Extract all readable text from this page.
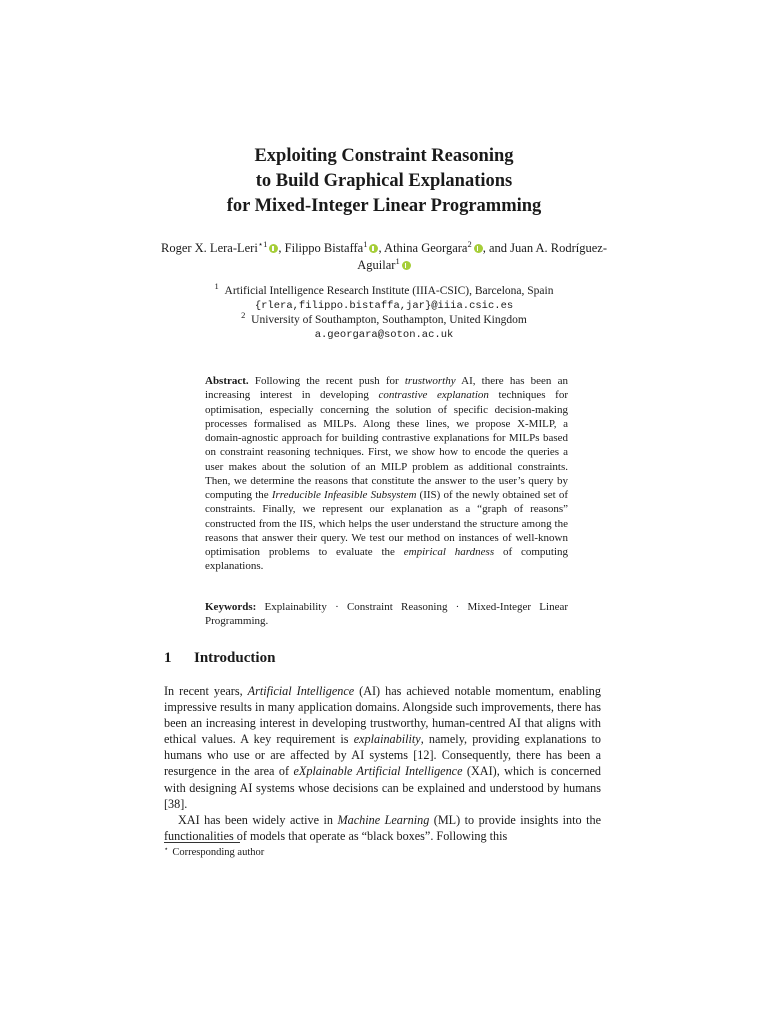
Exploiting Constraint Reasoning
to Build Graphical Explanations
for Mixed-Integer Linear Programming
Roger X. Lera-Leri$^{⋆1}$ , Filippo Bistaffa$^1$ , Athina Georgara$^2$ , and Juan A. Rodríguez-Aguilar$^1$
$^1$ Artificial Intelligence Research Institute (IIIA-CSIC), Barcelona, Spain
{rlera,filippo.bistaffa,jar}@iiia.csic.es
$^2$ University of Southampton, Southampton, United Kingdom
a.georgara@soton.ac.uk
Abstract. Following the recent push for trustworthy AI, there has been an increasing interest in developing contrastive explanation techniques for optimisation, especially concerning the solution of specific decision-making processes formalised as MILPs. Along these lines, we propose X-MILP, a domain-agnostic approach for building contrastive explanations for MILPs based on constraint reasoning techniques. First, we show how to encode the queries a user makes about the solution of an MILP problem as additional constraints. Then, we determine the reasons that constitute the answer to the user’s query by computing the Irreducible Infeasible Subsystem (IIS) of the newly obtained set of constraints. Finally, we represent our explanation as a “graph of reasons” constructed from the IIS, which helps the user understand the structure among the reasons that answer their query. We test our method on instances of well-known optimisation problems to evaluate the empirical hardness of computing explanations.
Keywords: Explainability · Constraint Reasoning · Mixed-Integer Linear Programming.
1 Introduction

In recent years, Artificial Intelligence (AI) has achieved notable momentum, enabling impressive results in many application domains. Alongside such improvements, there has been an increasing interest in developing trustworthy, human-centred AI that aligns with ethical values. A key requirement is explainability, namely, providing explanations to humans who use or are affected by AI systems [12]. Consequently, there has been a resurgence in the area of eXplainable Artificial Intelligence (XAI), which is concerned with designing AI systems whose decisions can be explained and understood by humans [38].

XAI has been widely active in Machine Learning (ML) to provide insights into the functionalities of models that operate as “black boxes”. Following this

⋆ Corresponding author
